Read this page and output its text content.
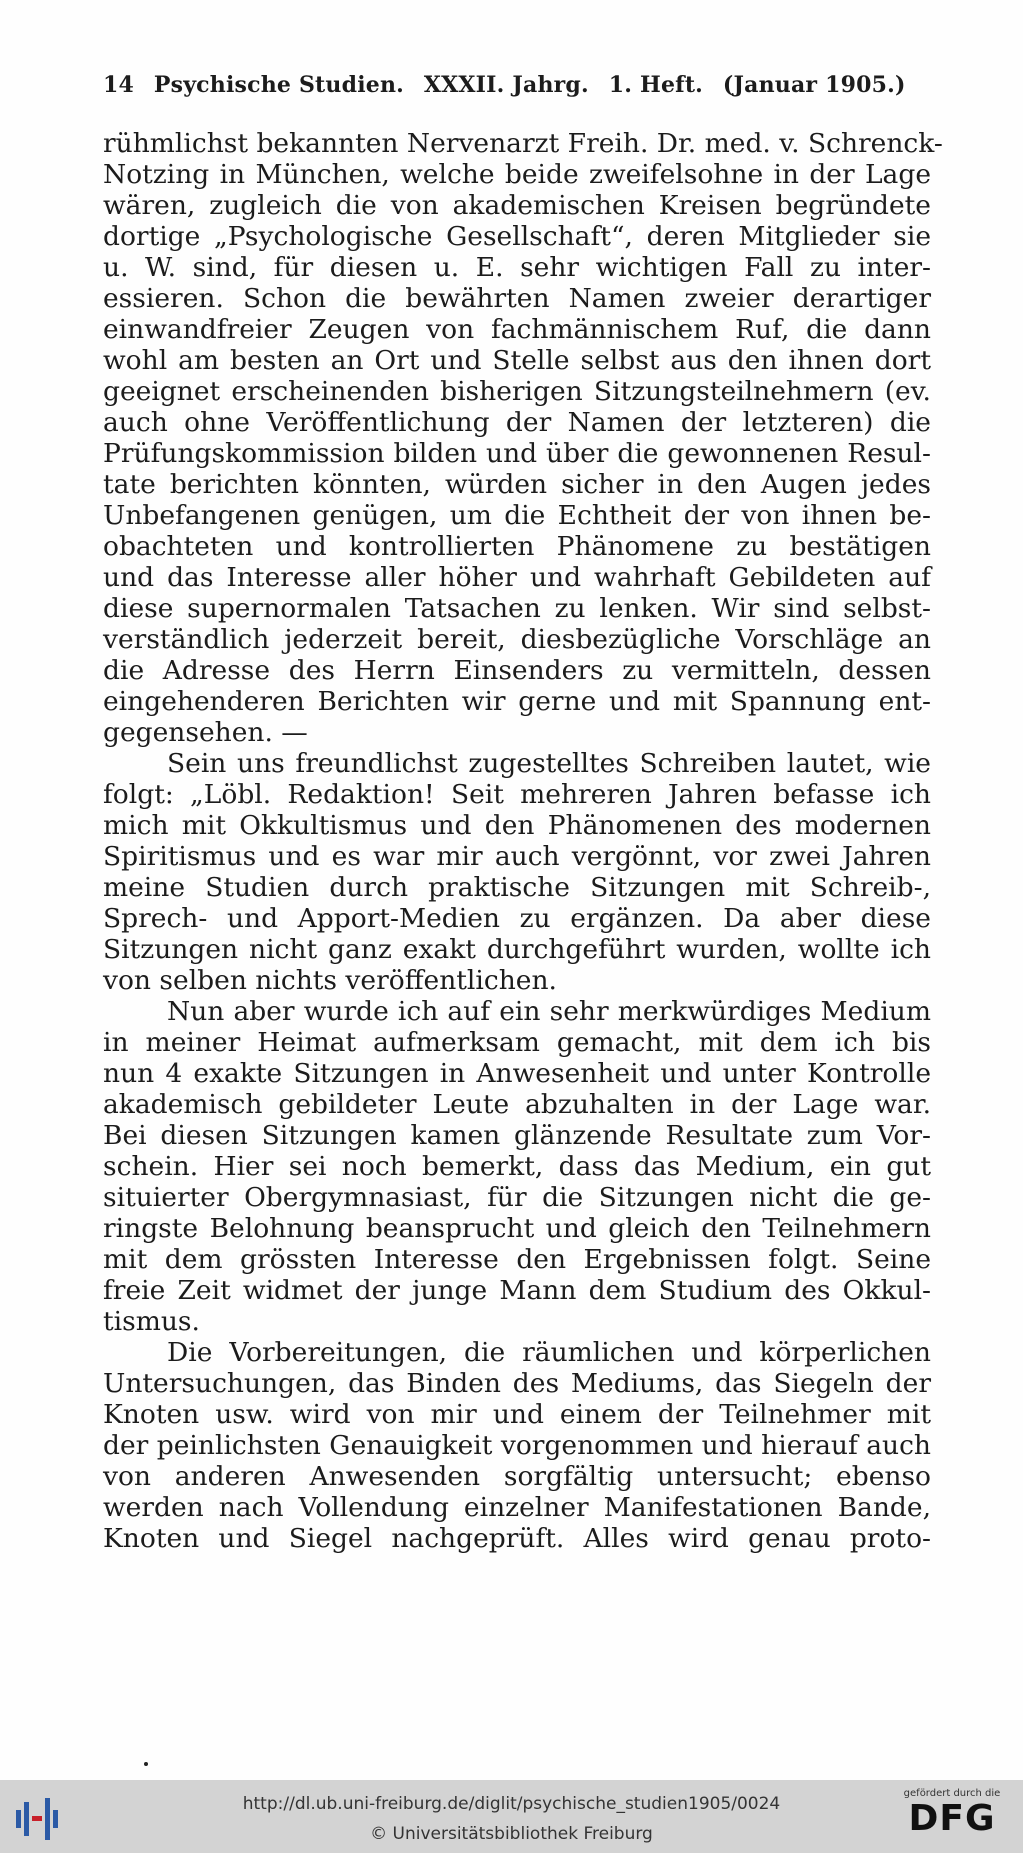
14 Psychische Studien. XXXII. Jahrg. 1. Heft. (Januar 1905.)
rühmlichst bekannten Nervenarzt Freih. Dr. med. v. Schrenck-
Notzing in München, welche beide zweifelsohne in der Lage
wären, zugleich die von akademischen Kreisen begründete
dortige „Psychologische Gesellschaft“, deren Mitglieder sie
u. W. sind, für diesen u. E. sehr wichtigen Fall zu inter-
essieren. Schon die bewährten Namen zweier derartiger
einwandfreier Zeugen von fachmännischem Ruf, die dann
wohl am besten an Ort und Stelle selbst aus den ihnen dort
geeignet erscheinenden bisherigen Sitzungsteilnehmern (ev.
auch ohne Veröffentlichung der Namen der letzteren) die
Prüfungskommission bilden und über die gewonnenen Resul-
tate berichten könnten, würden sicher in den Augen jedes
Unbefangenen genügen, um die Echtheit der von ihnen be-
obachteten und kontrollierten Phänomene zu bestätigen
und das Interesse aller höher und wahrhaft Gebildeten auf
diese supernormalen Tatsachen zu lenken. Wir sind selbst-
verständlich jederzeit bereit, diesbezügliche Vorschläge an
die Adresse des Herrn Einsenders zu vermitteln, dessen
eingehenderen Berichten wir gerne und mit Spannung ent-
gegensehen. —
Sein uns freundlichst zugestelltes Schreiben lautet, wie
folgt: „Löbl. Redaktion! Seit mehreren Jahren befasse ich
mich mit Okkultismus und den Phänomenen des modernen
Spiritismus und es war mir auch vergönnt, vor zwei Jahren
meine Studien durch praktische Sitzungen mit Schreib-,
Sprech- und Apport-Medien zu ergänzen. Da aber diese
Sitzungen nicht ganz exakt durchgeführt wurden, wollte ich
von selben nichts veröffentlichen.
Nun aber wurde ich auf ein sehr merkwürdiges Medium
in meiner Heimat aufmerksam gemacht, mit dem ich bis
nun 4 exakte Sitzungen in Anwesenheit und unter Kontrolle
akademisch gebildeter Leute abzuhalten in der Lage war.
Bei diesen Sitzungen kamen glänzende Resultate zum Vor-
schein. Hier sei noch bemerkt, dass das Medium, ein gut
situierter Obergymnasiast, für die Sitzungen nicht die ge-
ringste Belohnung beansprucht und gleich den Teilnehmern
mit dem grössten Interesse den Ergebnissen folgt. Seine
freie Zeit widmet der junge Mann dem Studium des Okkul-
tismus.
Die Vorbereitungen, die räumlichen und körperlichen
Untersuchungen, das Binden des Mediums, das Siegeln der
Knoten usw. wird von mir und einem der Teilnehmer mit
der peinlichsten Genauigkeit vorgenommen und hierauf auch
von anderen Anwesenden sorgfältig untersucht; ebenso
werden nach Vollendung einzelner Manifestationen Bande,
Knoten und Siegel nachgeprüft. Alles wird genau proto-
http://dl.ub.uni-freiburg.de/diglit/psychische_studien1905/0024
© Universitätsbibliothek Freiburg
gefördert durch die
DFG
